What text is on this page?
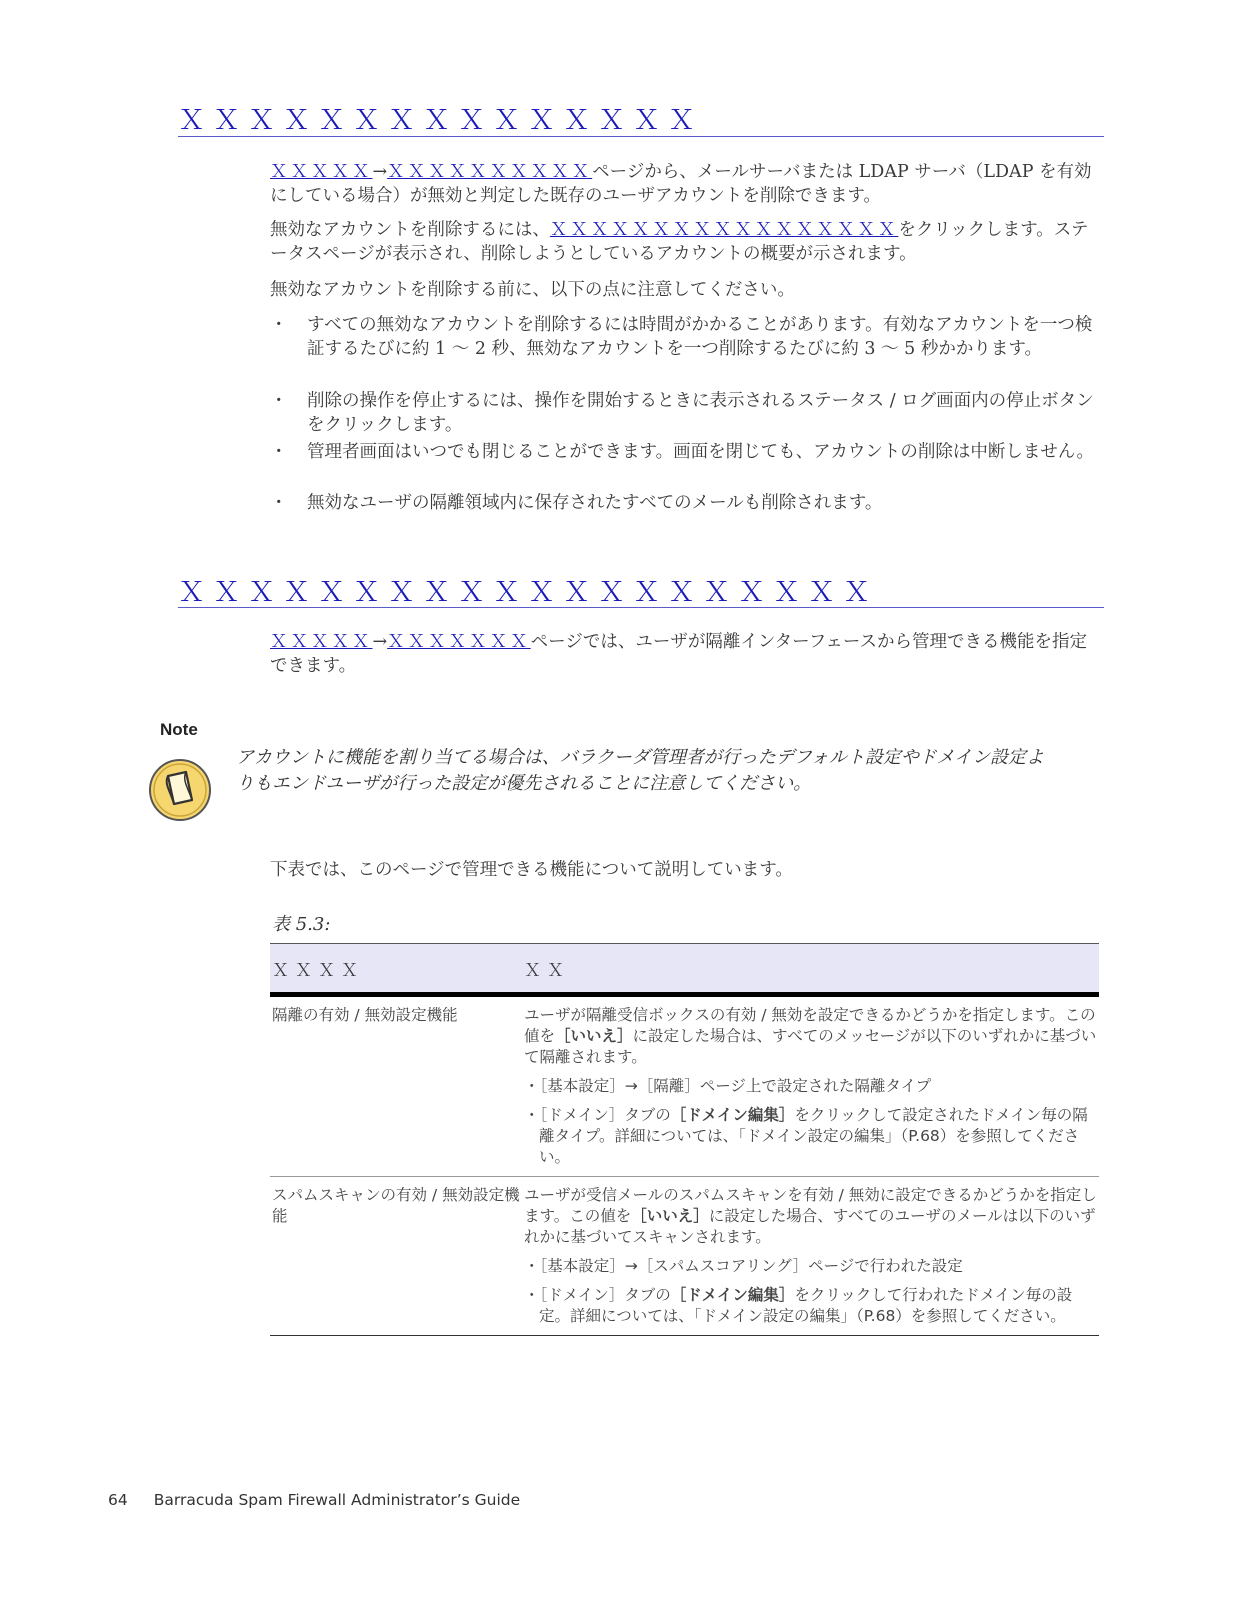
ＸＸＸＸＸＸＸＸＸＸＸＸＸＸＸ
ＸＸＸＸＸ→ＸＸＸＸＸＸＸＸＸＸページから、メールサーバまたは LDAP サーバ（LDAP を有効にしている場合）が無効と判定した既存のユーザアカウントを削除できます。
無効なアカウントを削除するには、ＸＸＸＸＸＸＸＸＸＸＸＸＸＸＸＸＸをクリックします。ステータスページが表示され、削除しようとしているアカウントの概要が示されます。
無効なアカウントを削除する前に、以下の点に注意してください。
・ すべての無効なアカウントを削除するには時間がかかることがあります。有効なアカウントを一つ検証するたびに約 1 〜 2 秒、無効なアカウントを一つ削除するたびに約 3 〜 5 秒かかります。
・ 削除の操作を停止するには、操作を開始するときに表示されるステータス / ログ画面内の停止ボタンをクリックします。
・ 管理者画面はいつでも閉じることができます。画面を閉じても、アカウントの削除は中断しません。
・ 無効なユーザの隔離領域内に保存されたすべてのメールも削除されます。
ＸＸＸＸＸＸＸＸＸＸＸＸＸＸＸＸＸＸＸＸ
ＸＸＸＸＸ→ＸＸＸＸＸＸＸページでは、ユーザが隔離インターフェースから管理できる機能を指定できます。
Note
アカウントに機能を割り当てる場合は、バラクーダ管理者が行ったデフォルト設定やドメイン設定よりもエンドユーザが行った設定が優先されることに注意してください。
下表では、このページで管理できる機能について説明しています。
表 5.3:
ＸＸＸＸ	ＸＸ
隔離の有効 / 無効設定機能	ユーザが隔離受信ボックスの有効 / 無効を設定できるかどうかを指定します。この値を［いいえ］に設定した場合は、すべてのメッセージが以下のいずれかに基づいて隔離されます。
・［基本設定］→［隔離］ページ上で設定された隔離タイプ
・［ドメイン］タブの［ドメイン編集］をクリックして設定されたドメイン毎の隔離タイプ。詳細については、「ドメイン設定の編集」（P.68）を参照してください。

スパムスキャンの有効 / 無効設定機能	ユーザが受信メールのスパムスキャンを有効 / 無効に設定できるかどうかを指定します。この値を［いいえ］に設定した場合、すべてのユーザのメールは以下のいずれかに基づいてスキャンされます。
・［基本設定］→［スパムスコアリング］ページで行われた設定
・［ドメイン］タブの［ドメイン編集］をクリックして行われたドメイン毎の設定。詳細については、「ドメイン設定の編集」（P.68）を参照してください。
64 Barracuda Spam Firewall Administrator’s Guide
